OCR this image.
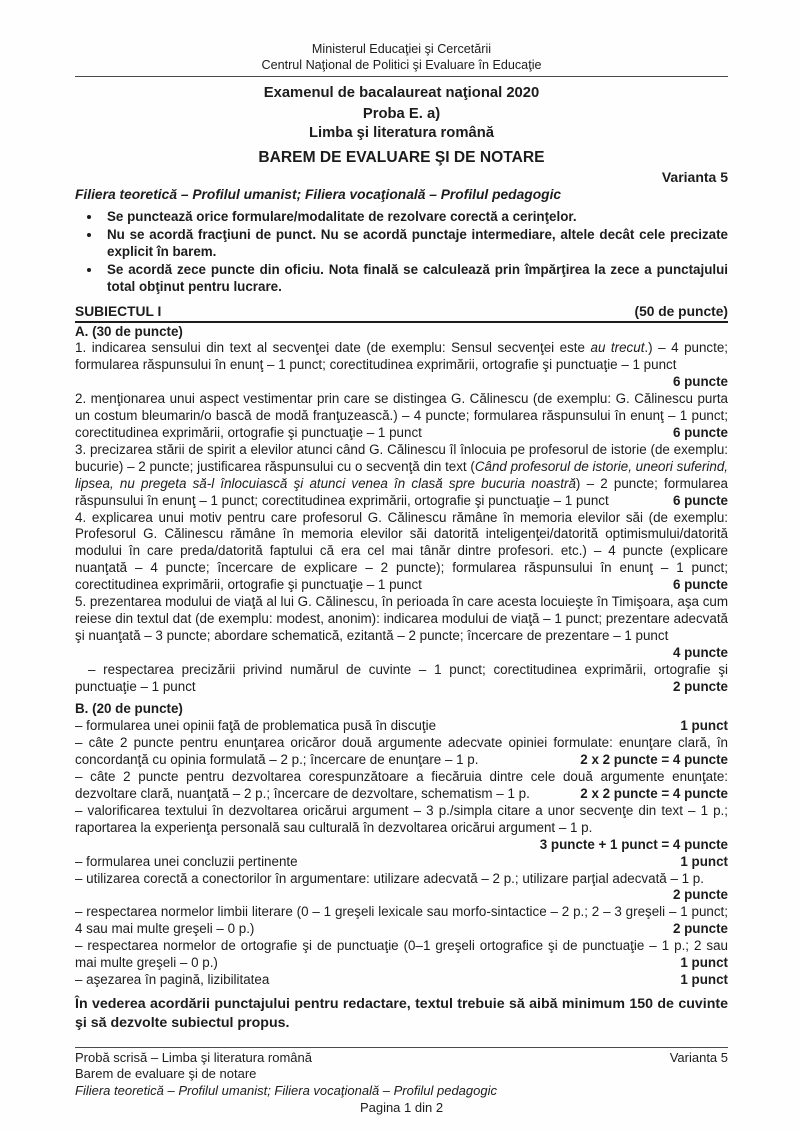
Ministerul Educaţiei şi Cercetării
Centrul Naţional de Politici şi Evaluare în Educaţie
Examenul de bacalaureat naţional 2020
Proba E. a)
Limba şi literatura română
BAREM DE EVALUARE ŞI DE NOTARE
Varianta 5
Filiera teoretică – Profilul umanist; Filiera vocaţională – Profilul pedagogic
• Se punctează orice formulare/modalitate de rezolvare corectă a cerinţelor.
• Nu se acordă fracţiuni de punct. Nu se acordă punctaje intermediare, altele decât cele precizate explicit în barem.
• Se acordă zece puncte din oficiu. Nota finală se calculează prin împărţirea la zece a punctajului total obţinut pentru lucrare.
SUBIECTUL I	(50 de puncte)
A. (30 de puncte)

1. indicarea sensului din text al secvenţei date (de exemplu: Sensul secvenţei este au trecut.) – 4 puncte; formularea răspunsului în enunţ – 1 punct; corectitudinea exprimării, ortografie şi punctuaţie – 1 punct
6 puncte

2. menţionarea unui aspect vestimentar prin care se distingea G. Călinescu (de exemplu: G. Călinescu purta un costum bleumarin/o bască de modă franţuzească.) – 4 puncte; formularea răspunsului în enunţ – 1 punct; corectitudinea exprimării, ortografie şi punctuaţie – 1 punct	6 puncte

3. precizarea stării de spirit a elevilor atunci când G. Călinescu îl înlocuia pe profesorul de istorie (de exemplu: bucurie) – 2 puncte; justificarea răspunsului cu o secvenţă din text (Când profesorul de istorie, uneori suferind, lipsea, nu pregeta să-l înlocuiască şi atunci venea în clasă spre bucuria noastră) – 2 puncte; formularea răspunsului în enunţ – 1 punct; corectitudinea exprimării, ortografie şi punctuaţie – 1 punct	6 puncte

4. explicarea unui motiv pentru care profesorul G. Călinescu rămâne în memoria elevilor săi (de exemplu: Profesorul G. Călinescu rămâne în memoria elevilor săi datorită inteligenţei/datorită optimismului/datorită modului în care preda/datorită faptului că era cel mai tânăr dintre profesori. etc.) – 4 puncte (explicare nuanţată – 4 puncte; încercare de explicare – 2 puncte); formularea răspunsului în enunţ – 1 punct; corectitudinea exprimării, ortografie şi punctuaţie – 1 punct	6 puncte

5. prezentarea modului de viaţă al lui G. Călinescu, în perioada în care acesta locuieşte în Timişoara, aşa cum reiese din textul dat (de exemplu: modest, anonim): indicarea modului de viaţă – 1 punct; prezentare adecvată şi nuanţată – 3 puncte; abordare schematică, ezitantă – 2 puncte; încercare de prezentare – 1 punct
4 puncte

– respectarea precizării privind numărul de cuvinte – 1 punct; corectitudinea exprimării, ortografie şi punctuaţie – 1 punct	2 puncte

B. (20 de puncte)

– formularea unei opinii faţă de problematica pusă în discuţie	1 punct

– câte 2 puncte pentru enunţarea oricăror două argumente adecvate opiniei formulate: enunţare clară, în concordanţă cu opinia formulată – 2 p.; încercare de enunţare – 1 p.	2 x 2 puncte = 4 puncte

– câte 2 puncte pentru dezvoltarea corespunzătoare a fiecăruia dintre cele două argumente enunţate: dezvoltare clară, nuanţată – 2 p.; încercare de dezvoltare, schematism – 1 p.	2 x 2 puncte = 4 puncte

– valorificarea textului în dezvoltarea oricărui argument – 3 p./simpla citare a unor secvenţe din text – 1 p.; raportarea la experienţa personală sau culturală în dezvoltarea oricărui argument – 1 p.
3 puncte + 1 punct = 4 puncte

– formularea unei concluzii pertinente	1 punct

– utilizarea corectă a conectorilor în argumentare: utilizare adecvată – 2 p.; utilizare parţial adecvată – 1 p.
2 puncte

– respectarea normelor limbii literare (0 – 1 greşeli lexicale sau morfo-sintactice – 2 p.; 2 – 3 greşeli – 1 punct; 4 sau mai multe greşeli – 0 p.)	2 puncte

– respectarea normelor de ortografie şi de punctuaţie (0–1 greşeli ortografice şi de punctuaţie – 1 p.; 2 sau mai multe greşeli – 0 p.)	1 punct

– aşezarea în pagină, lizibilitatea	1 punct

În vederea acordării punctajului pentru redactare, textul trebuie să aibă minimum 150 de cuvinte şi să dezvolte subiectul propus.

Probă scrisă – Limba şi literatura română	Varianta 5
Barem de evaluare şi de notare
Filiera teoretică – Profilul umanist; Filiera vocaţională – Profilul pedagogic
Pagina 1 din 2
